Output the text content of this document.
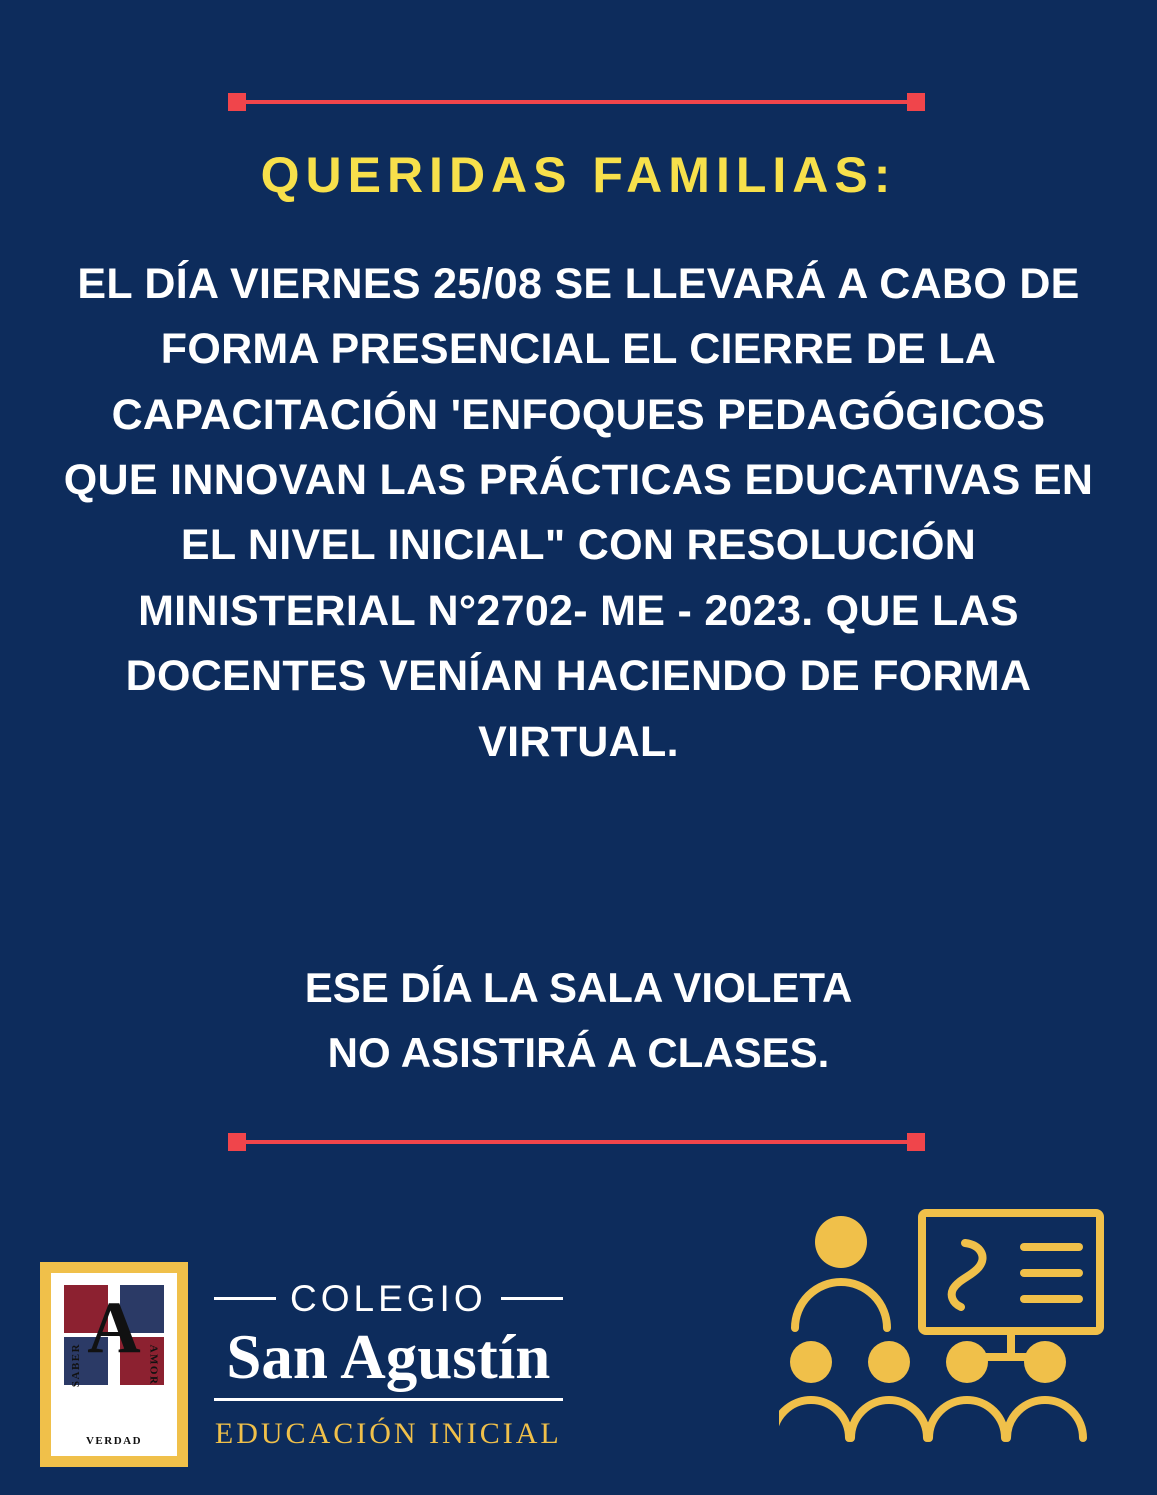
QUERIDAS FAMILIAS:
EL DÍA VIERNES 25/08 SE LLEVARÁ A CABO DE FORMA PRESENCIAL EL CIERRE DE LA CAPACITACIÓN 'ENFOQUES PEDAGÓGICOS QUE INNOVAN LAS PRÁCTICAS EDUCATIVAS EN EL NIVEL INICIAL" CON RESOLUCIÓN MINISTERIAL N°2702- ME - 2023. QUE LAS DOCENTES VENÍAN HACIENDO DE FORMA VIRTUAL.
ESE DÍA LA SALA VIOLETA
NO ASISTIRÁ A CLASES.
A
SABER	AMOR
VERDAD
COLEGIO
San Agustín
EDUCACIÓN INICIAL
